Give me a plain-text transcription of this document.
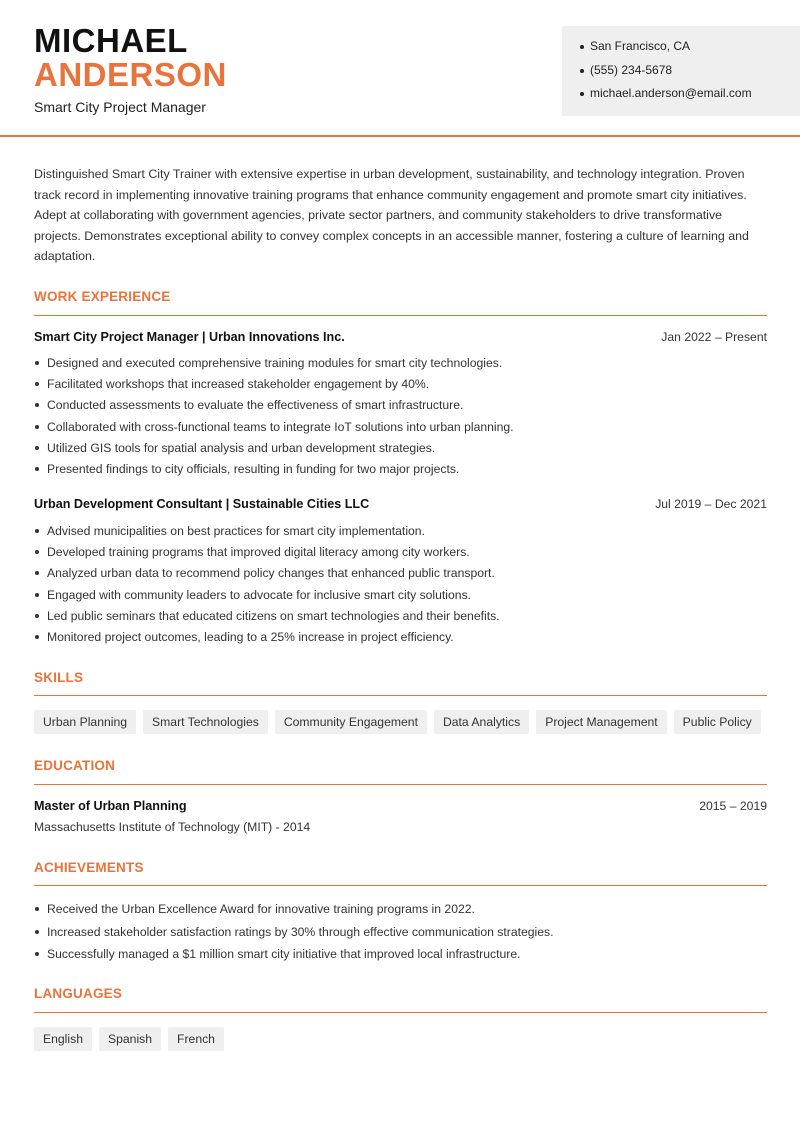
MICHAEL
ANDERSON
Smart City Project Manager
San Francisco, CA
(555) 234-5678
michael.anderson@email.com
Distinguished Smart City Trainer with extensive expertise in urban development, sustainability, and technology integration. Proven track record in implementing innovative training programs that enhance community engagement and promote smart city initiatives. Adept at collaborating with government agencies, private sector partners, and community stakeholders to drive transformative projects. Demonstrates exceptional ability to convey complex concepts in an accessible manner, fostering a culture of learning and adaptation.
WORK EXPERIENCE
Smart City Project Manager | Urban Innovations Inc.	Jan 2022 – Present
Designed and executed comprehensive training modules for smart city technologies.
Facilitated workshops that increased stakeholder engagement by 40%.
Conducted assessments to evaluate the effectiveness of smart infrastructure.
Collaborated with cross-functional teams to integrate IoT solutions into urban planning.
Utilized GIS tools for spatial analysis and urban development strategies.
Presented findings to city officials, resulting in funding for two major projects.
Urban Development Consultant | Sustainable Cities LLC	Jul 2019 – Dec 2021
Advised municipalities on best practices for smart city implementation.
Developed training programs that improved digital literacy among city workers.
Analyzed urban data to recommend policy changes that enhanced public transport.
Engaged with community leaders to advocate for inclusive smart city solutions.
Led public seminars that educated citizens on smart technologies and their benefits.
Monitored project outcomes, leading to a 25% increase in project efficiency.
SKILLS
Urban Planning	Smart Technologies	Community Engagement	Data Analytics	Project Management	Public Policy
EDUCATION
Master of Urban Planning	2015 – 2019
Massachusetts Institute of Technology (MIT) - 2014
ACHIEVEMENTS
Received the Urban Excellence Award for innovative training programs in 2022.
Increased stakeholder satisfaction ratings by 30% through effective communication strategies.
Successfully managed a $1 million smart city initiative that improved local infrastructure.
LANGUAGES
English	Spanish	French
